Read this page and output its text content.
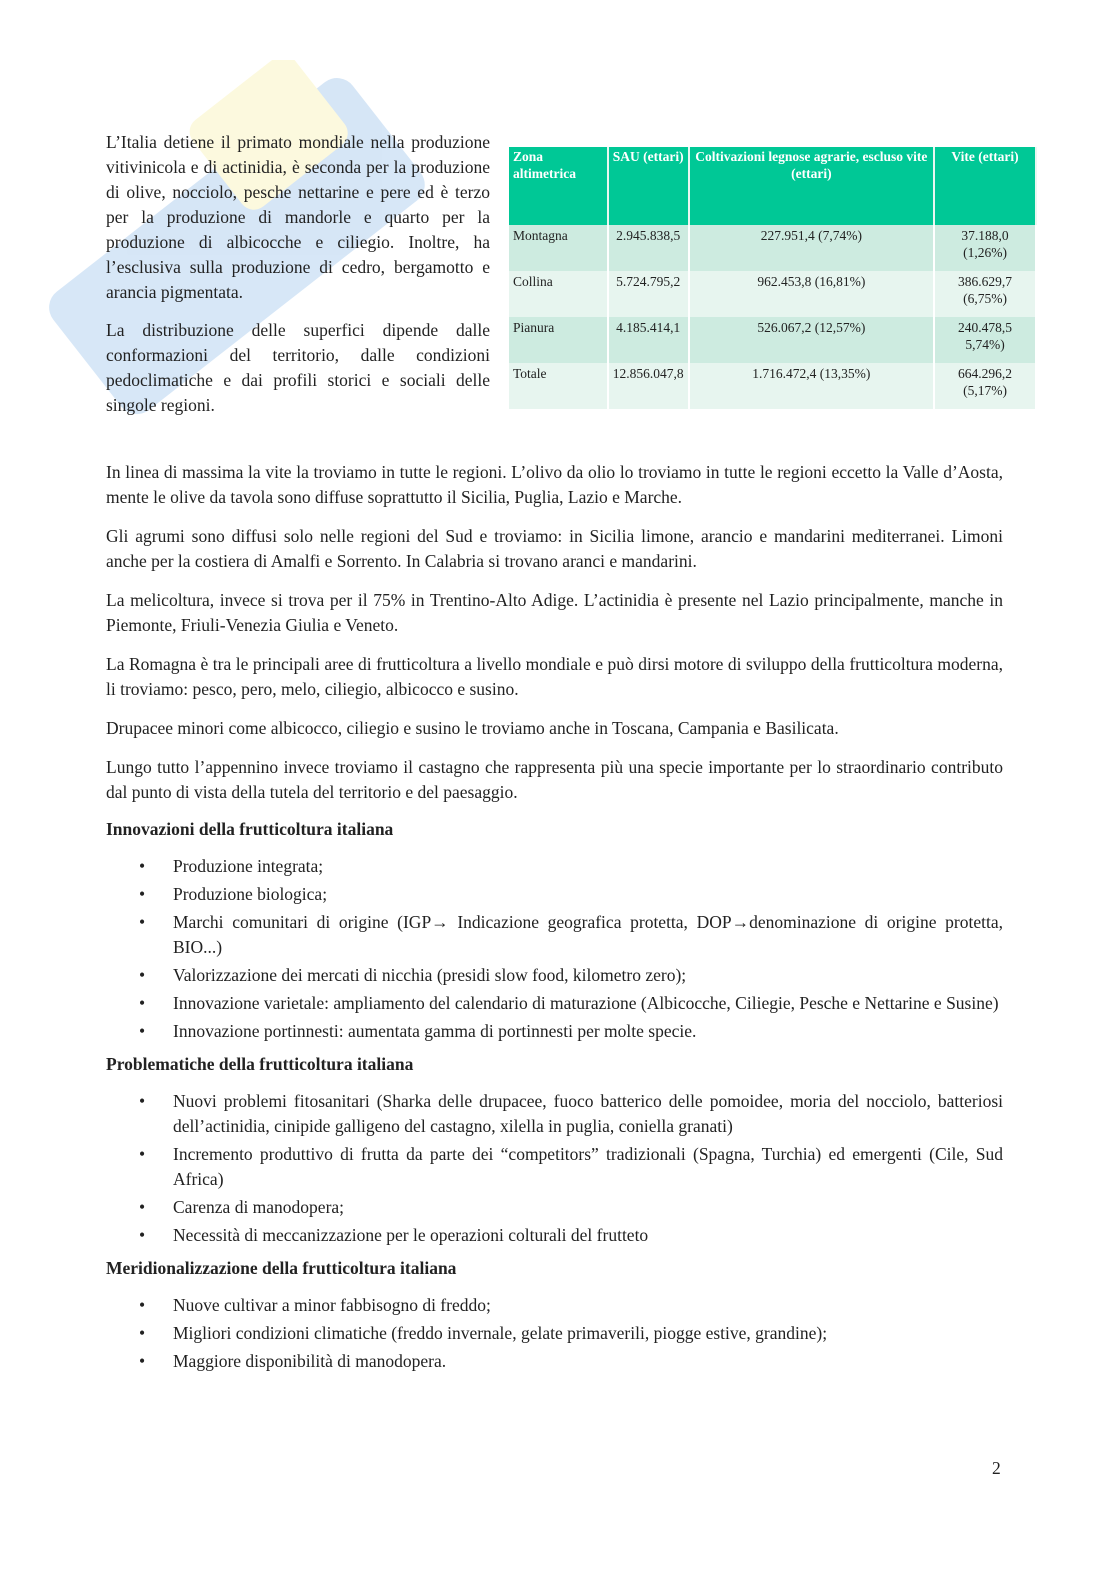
L’Italia detiene il primato mondiale nella produzione vitivinicola e di actinidia, è seconda per la produzione di olive, nocciolo, pesche nettarine e pere ed è terzo per la produzione di mandorle e quarto per la produzione di albicocche e ciliegio. Inoltre, ha l’esclusiva sulla produzione di cedro, bergamotto e arancia pigmentata.

La distribuzione delle superfici dipende dalle conformazioni del territorio, dalle condizioni pedoclimatiche e dai profili storici e sociali delle singole regioni.

Zona altimetrica	SAU (ettari)	Coltivazioni legnose agrarie, escluso vite (ettari)	Vite (ettari)
Montagna	2.945.838,5	227.951,4 (7,74%)	37.188,0 (1,26%)
Collina	5.724.795,2	962.453,8 (16,81%)	386.629,7 (6,75%)
Pianura	4.185.414,1	526.067,2 (12,57%)	240.478,5 5,74%)
Totale	12.856.047,8	1.716.472,4 (13,35%)	664.296,2 (5,17%)

In linea di massima la vite la troviamo in tutte le regioni. L’olivo da olio lo troviamo in tutte le regioni eccetto la Valle d’Aosta, mente le olive da tavola sono diffuse soprattutto il Sicilia, Puglia, Lazio e Marche.

Gli agrumi sono diffusi solo nelle regioni del Sud e troviamo: in Sicilia limone, arancio e mandarini mediterranei. Limoni anche per la costiera di Amalfi e Sorrento. In Calabria si trovano aranci e mandarini.

La melicoltura, invece si trova per il 75% in Trentino-Alto Adige. L’actinidia è presente nel Lazio principalmente, manche in Piemonte, Friuli-Venezia Giulia e Veneto.

La Romagna è tra le principali aree di frutticoltura a livello mondiale e può dirsi motore di sviluppo della frutticoltura moderna, li troviamo: pesco, pero, melo, ciliegio, albicocco e susino.

Drupacee minori come albicocco, ciliegio e susino le troviamo anche in Toscana, Campania e Basilicata.

Lungo tutto l’appennino invece troviamo il castagno che rappresenta più una specie importante per lo straordinario contributo dal punto di vista della tutela del territorio e del paesaggio.

Innovazioni della frutticoltura italiana
• Produzione integrata;
• Produzione biologica;
• Marchi comunitari di origine (IGP→ Indicazione geografica protetta, DOP→denominazione di origine protetta, BIO...)
• Valorizzazione dei mercati di nicchia (presidi slow food, kilometro zero);
• Innovazione varietale: ampliamento del calendario di maturazione (Albicocche, Ciliegie, Pesche e Nettarine e Susine)
• Innovazione portinnesti: aumentata gamma di portinnesti per molte specie.
Problematiche della frutticoltura italiana
• Nuovi problemi fitosanitari (Sharka delle drupacee, fuoco batterico delle pomoidee, moria del nocciolo, batteriosi dell’actinidia, cinipide galligeno del castagno, xilella in puglia, coniella granati)
• Incremento produttivo di frutta da parte dei “competitors” tradizionali (Spagna, Turchia) ed emergenti (Cile, Sud Africa)
• Carenza di manodopera;
• Necessità di meccanizzazione per le operazioni colturali del frutteto
Meridionalizzazione della frutticoltura italiana
• Nuove cultivar a minor fabbisogno di freddo;
• Migliori condizioni climatiche (freddo invernale, gelate primaverili, piogge estive, grandine);
• Maggiore disponibilità di manodopera.
2
